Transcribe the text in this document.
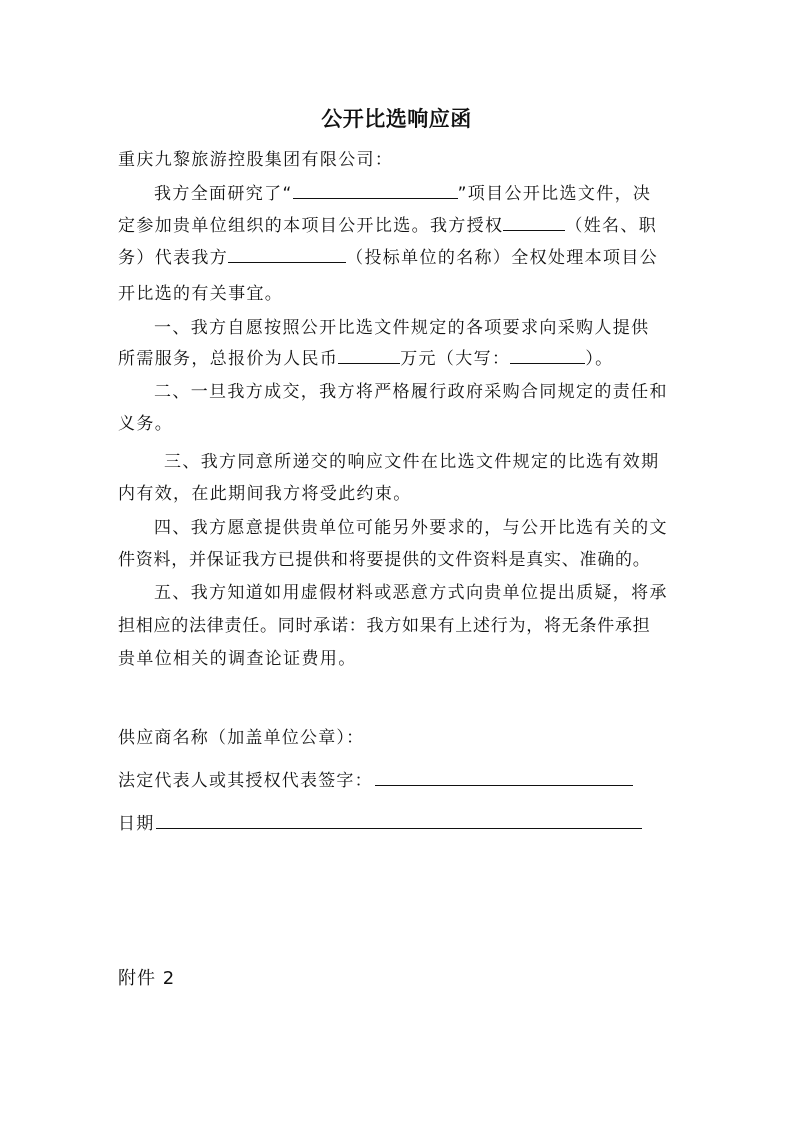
公开比选响应函
重庆九黎旅游控股集团有限公司：
我方全面研究了“	”项目公开比选文件，决
定参加贵单位组织的本项目公开比选。我方授权	（姓名、职
务）代表我方	（投标单位的名称）全权处理本项目公
开比选的有关事宜。
一、我方自愿按照公开比选文件规定的各项要求向采购人提供
所需服务，总报价为人民币	万元（大写：	）。
二、一旦我方成交，我方将严格履行政府采购合同规定的责任和
义务。
三、我方同意所递交的响应文件在比选文件规定的比选有效期
内有效，在此期间我方将受此约束。
四、我方愿意提供贵单位可能另外要求的，与公开比选有关的文
件资料，并保证我方已提供和将要提供的文件资料是真实、准确的。
五、我方知道如用虚假材料或恶意方式向贵单位提出质疑，将承
担相应的法律责任。同时承诺：我方如果有上述行为，将无条件承担
贵单位相关的调查论证费用。
供应商名称（加盖单位公章）：
法定代表人或其授权代表签字：
日期
附件 2
